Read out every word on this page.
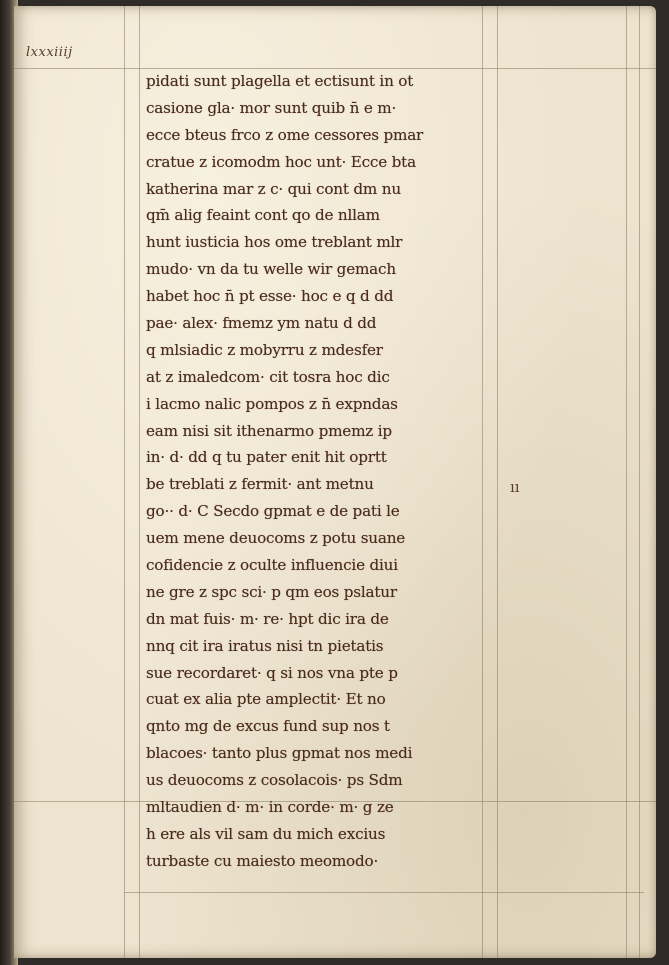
lxxxiiij
pidati sunt plagella et ectisunt in ot
casione gla· mor sunt quib n̄ e m·
ecce bteus frco z ome cessores pmar
cratue z icomodm hoc unt· Ecce bta
katherina mar z c· qui cont dm nu
qm̄ alig feaint cont qo de nllam
hunt iusticia hos ome treblant mlr
mudo· vn da tu welle wir gemach
habet hoc n̄ pt esse· hoc e q d dd
pae· alex· fmemz ym natu d dd
q mlsiadic z mobyrru z mdesfer
at z imaledcom· cit tosra hoc dic
i lacmo nalic pompos z n̄ expndas
eam nisi sit ithenarmo pmemz ip
in· d· dd q tu pater enit hit oprtt
be treblati z fermit· ant metnu
go·· d· C Secdo gpmat e de pati le
uem mene deuocoms z potu suane
cofidencie z oculte influencie diui
ne gre z spc sci· p qm eos pslatur
dn mat fuis· m· re· hpt dic ira de
nnq cit ira iratus nisi tn pietatis
sue recordaret· q si nos vna pte p
cuat ex alia pte amplectit· Et no
qnto mg de excus fund sup nos t
blacoes· tanto plus gpmat nos medi
us deuocoms z cosolacois· ps Sdm
mltaudien d· m· in corde· m· g ze
h ere als vil sam du mich excius
turbaste cu maiesto meomodo·
ıı
